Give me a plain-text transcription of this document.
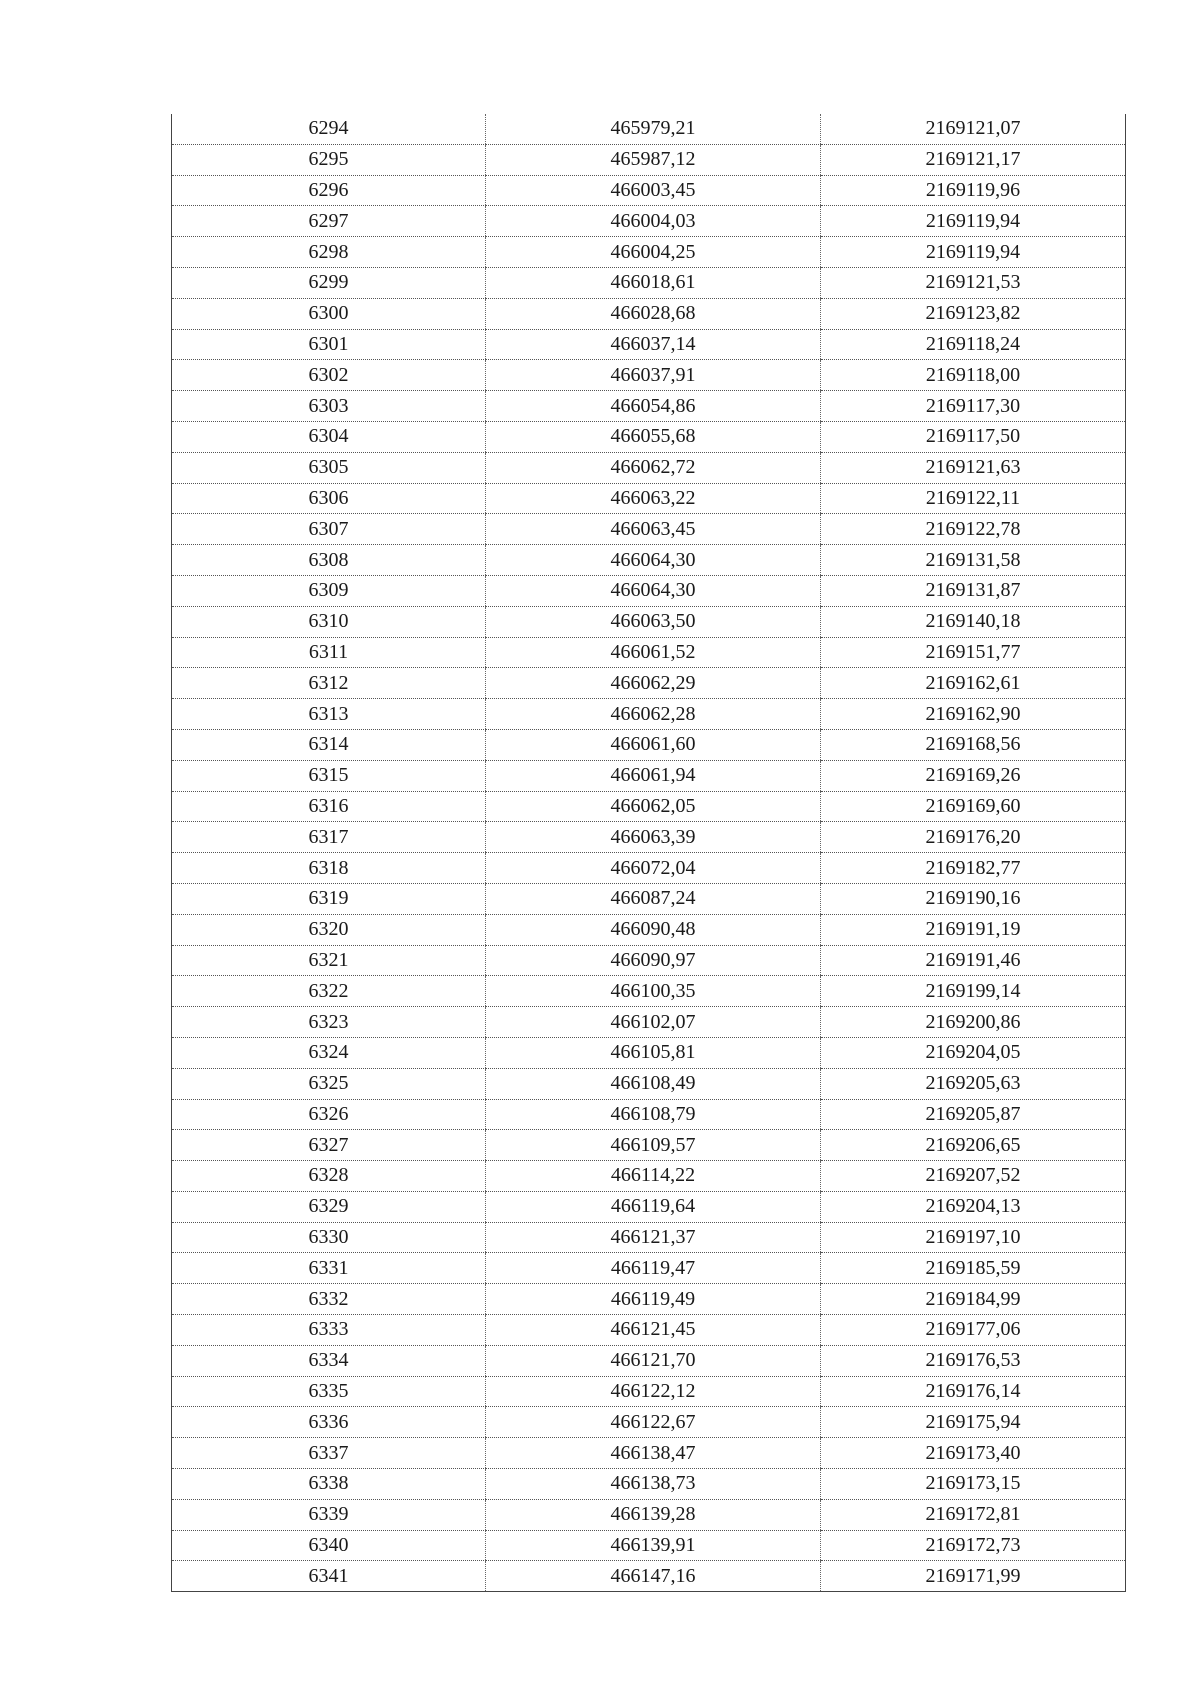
6294	465979,21	2169121,07
6295	465987,12	2169121,17
6296	466003,45	2169119,96
6297	466004,03	2169119,94
6298	466004,25	2169119,94
6299	466018,61	2169121,53
6300	466028,68	2169123,82
6301	466037,14	2169118,24
6302	466037,91	2169118,00
6303	466054,86	2169117,30
6304	466055,68	2169117,50
6305	466062,72	2169121,63
6306	466063,22	2169122,11
6307	466063,45	2169122,78
6308	466064,30	2169131,58
6309	466064,30	2169131,87
6310	466063,50	2169140,18
6311	466061,52	2169151,77
6312	466062,29	2169162,61
6313	466062,28	2169162,90
6314	466061,60	2169168,56
6315	466061,94	2169169,26
6316	466062,05	2169169,60
6317	466063,39	2169176,20
6318	466072,04	2169182,77
6319	466087,24	2169190,16
6320	466090,48	2169191,19
6321	466090,97	2169191,46
6322	466100,35	2169199,14
6323	466102,07	2169200,86
6324	466105,81	2169204,05
6325	466108,49	2169205,63
6326	466108,79	2169205,87
6327	466109,57	2169206,65
6328	466114,22	2169207,52
6329	466119,64	2169204,13
6330	466121,37	2169197,10
6331	466119,47	2169185,59
6332	466119,49	2169184,99
6333	466121,45	2169177,06
6334	466121,70	2169176,53
6335	466122,12	2169176,14
6336	466122,67	2169175,94
6337	466138,47	2169173,40
6338	466138,73	2169173,15
6339	466139,28	2169172,81
6340	466139,91	2169172,73
6341	466147,16	2169171,99
